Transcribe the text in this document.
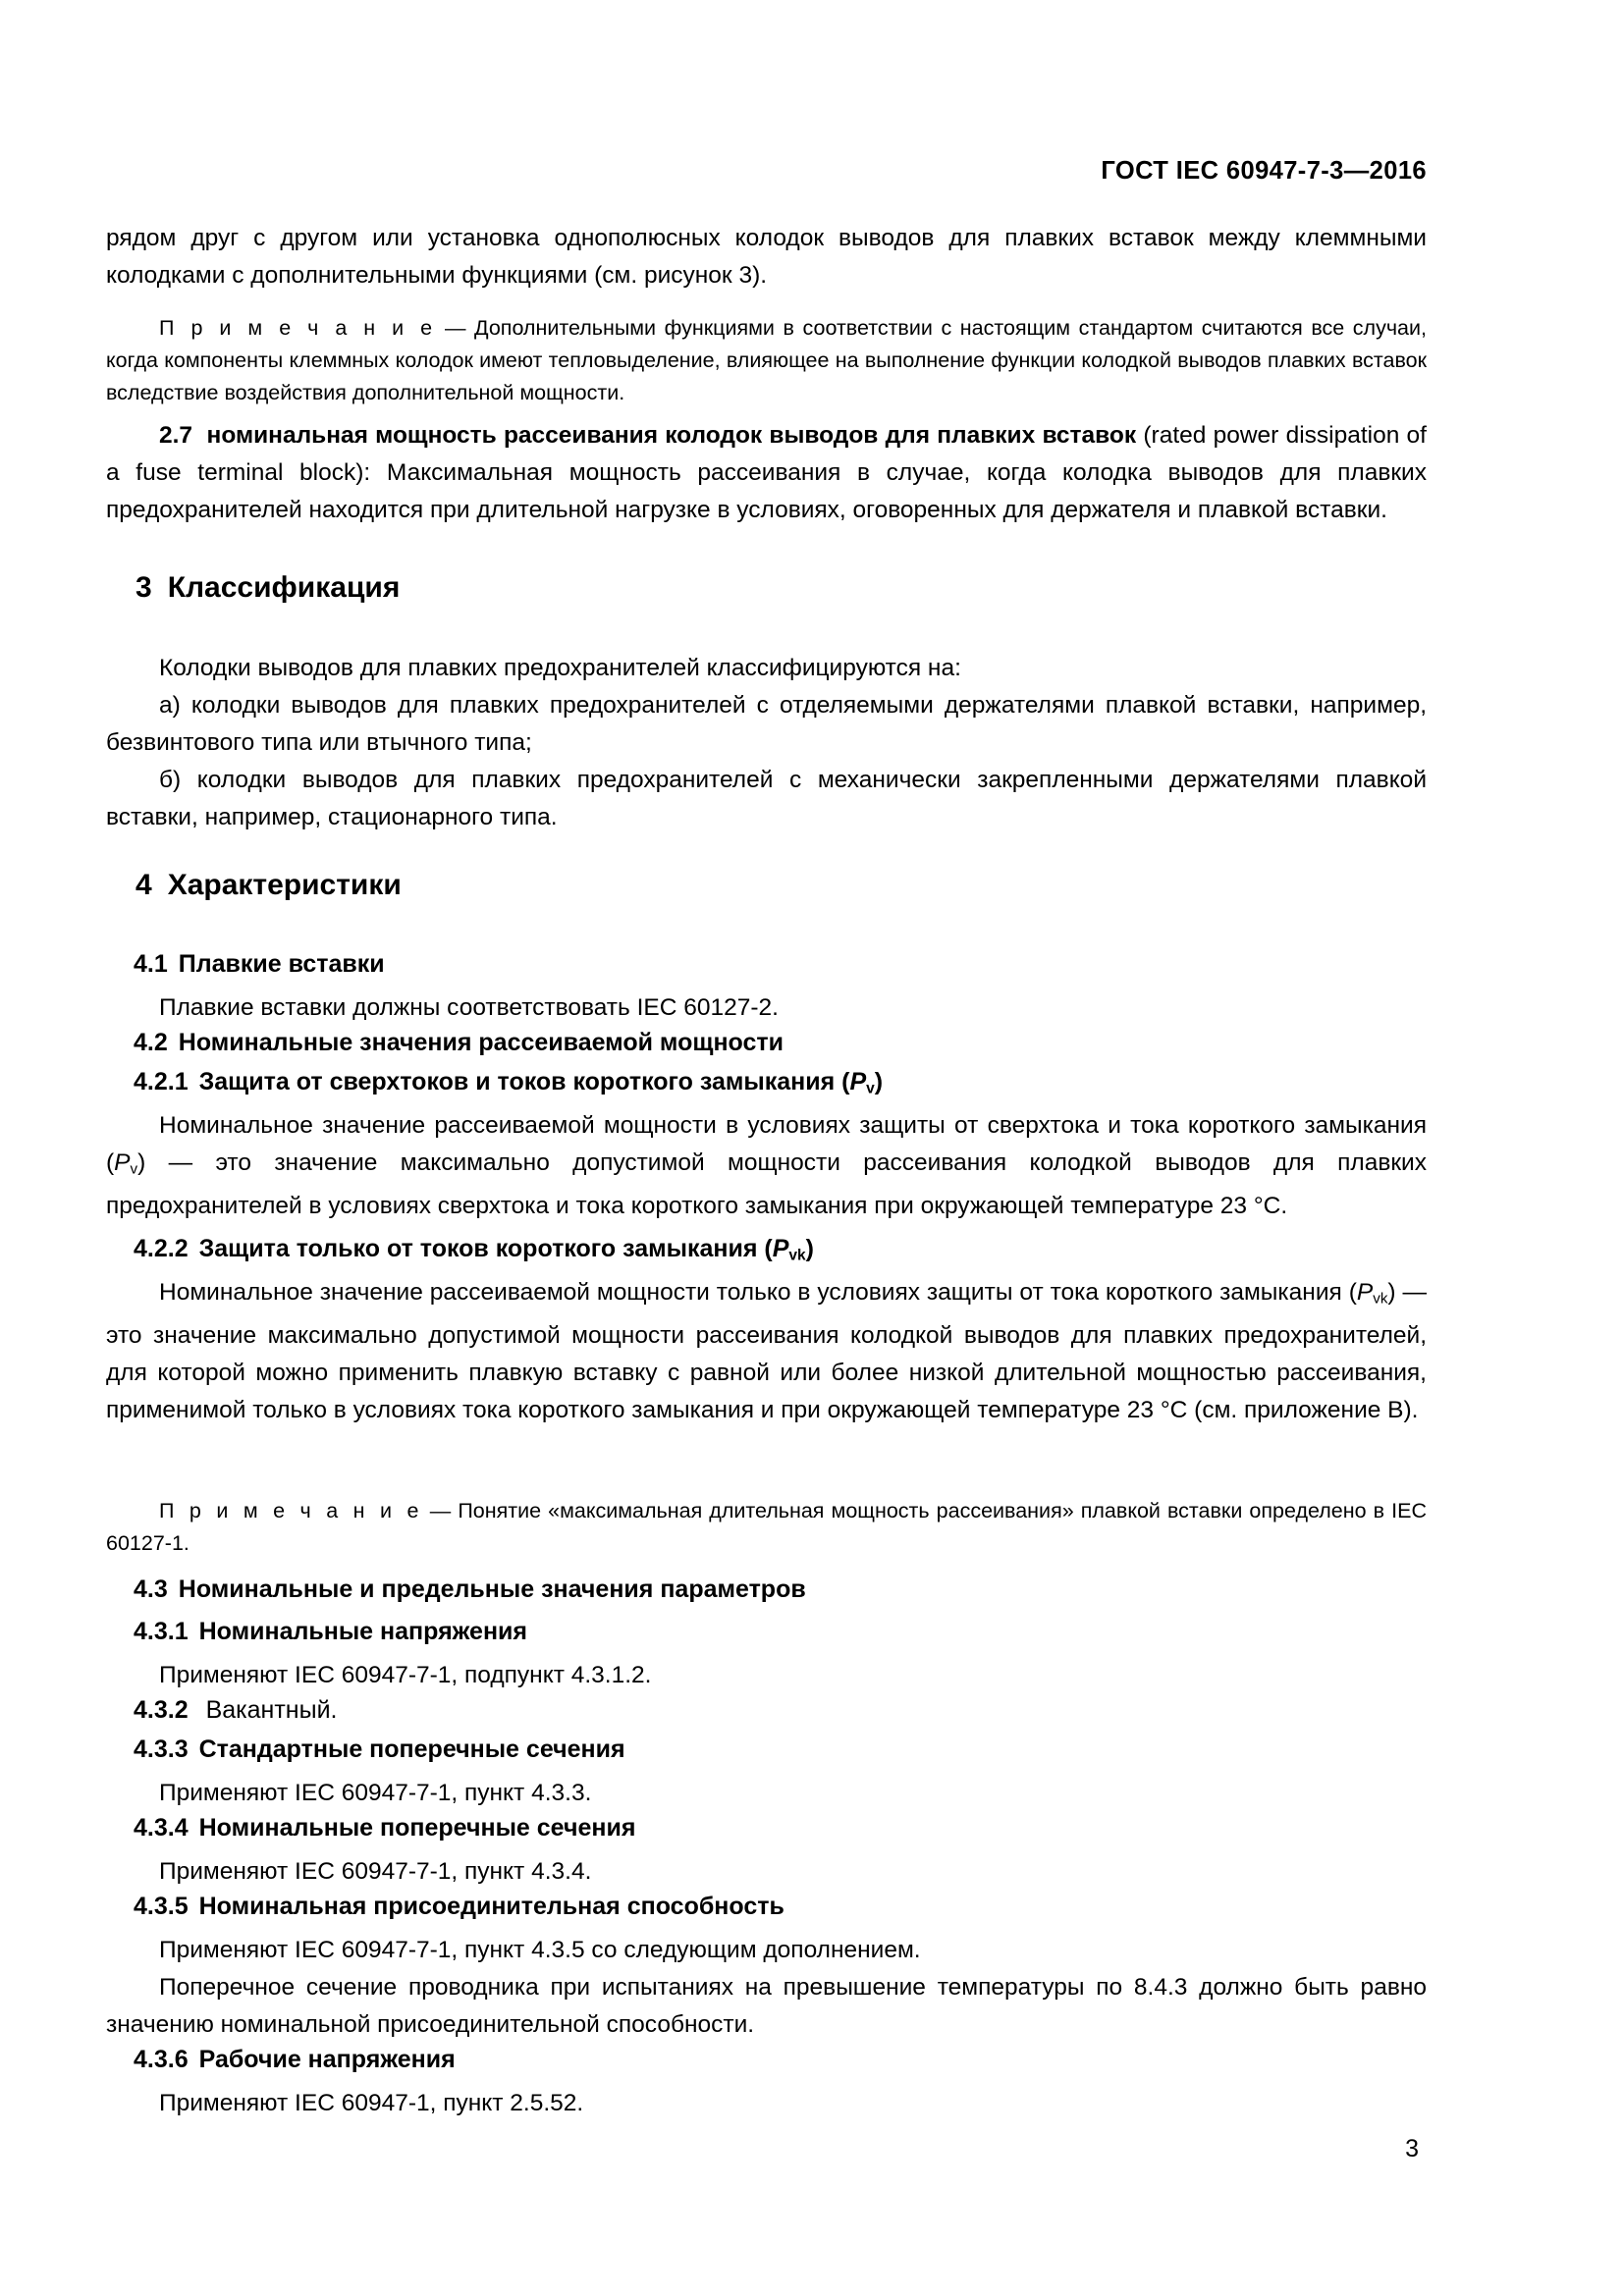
ГОСТ IEC 60947-7-3—2016
рядом друг с другом или установка однополюсных колодок выводов для плавких вставок между клеммными колодками с дополнительными функциями (см. рисунок 3).
П р и м е ч а н и е — Дополнительными функциями в соответствии с настоящим стандартом считаются все случаи, когда компоненты клеммных колодок имеют тепловыделение, влияющее на выполнение функции колодкой выводов плавких вставок вследствие воздействия дополнительной мощности.
2.7 номинальная мощность рассеивания колодок выводов для плавких вставок (rated power dissipation of a fuse terminal block): Максимальная мощность рассеивания в случае, когда колодка выводов для плавких предохранителей находится при длительной нагрузке в условиях, оговоренных для держателя и плавкой вставки.
3 Классификация
Колодки выводов для плавких предохранителей классифицируются на:
а) колодки выводов для плавких предохранителей с отделяемыми держателями плавкой вставки, например, безвинтового типа или втычного типа;
б) колодки выводов для плавких предохранителей с механически закрепленными держателями плавкой вставки, например, стационарного типа.
4 Характеристики
4.1 Плавкие вставки
Плавкие вставки должны соответствовать IEC 60127-2.
4.2 Номинальные значения рассеиваемой мощности
4.2.1 Защита от сверхтоков и токов короткого замыкания $(P_v)$
Номинальное значение рассеиваемой мощности в условиях защиты от сверхтока и тока короткого замыкания $(P_v)$ — это значение максимально допустимой мощности рассеивания колодкой выводов для плавких предохранителей в условиях сверхтока и тока короткого замыкания при окружающей температуре 23 °С.
4.2.2 Защита только от токов короткого замыкания $(P_{vk})$
Номинальное значение рассеиваемой мощности только в условиях защиты от тока короткого замыкания $(P_{vk})$ — это значение максимально допустимой мощности рассеивания колодкой выводов для плавких предохранителей, для которой можно применить плавкую вставку с равной или более низкой длительной мощностью рассеивания, применимой только в условиях тока короткого замыкания и при окружающей температуре 23 °С (см. приложение В).
П р и м е ч а н и е — Понятие «максимальная длительная мощность рассеивания» плавкой вставки определено в IEC 60127-1.
4.3 Номинальные и предельные значения параметров
4.3.1 Номинальные напряжения
Применяют IEC 60947-7-1, подпункт 4.3.1.2.
4.3.2 Вакантный.
4.3.3 Стандартные поперечные сечения
Применяют IEC 60947-7-1, пункт 4.3.3.
4.3.4 Номинальные поперечные сечения
Применяют IEC 60947-7-1, пункт 4.3.4.
4.3.5 Номинальная присоединительная способность
Применяют IEC 60947-7-1, пункт 4.3.5 со следующим дополнением.
Поперечное сечение проводника при испытаниях на превышение температуры по 8.4.3 должно быть равно значению номинальной присоединительной способности.
4.3.6 Рабочие напряжения
Применяют IEC 60947-1, пункт 2.5.52.
3
